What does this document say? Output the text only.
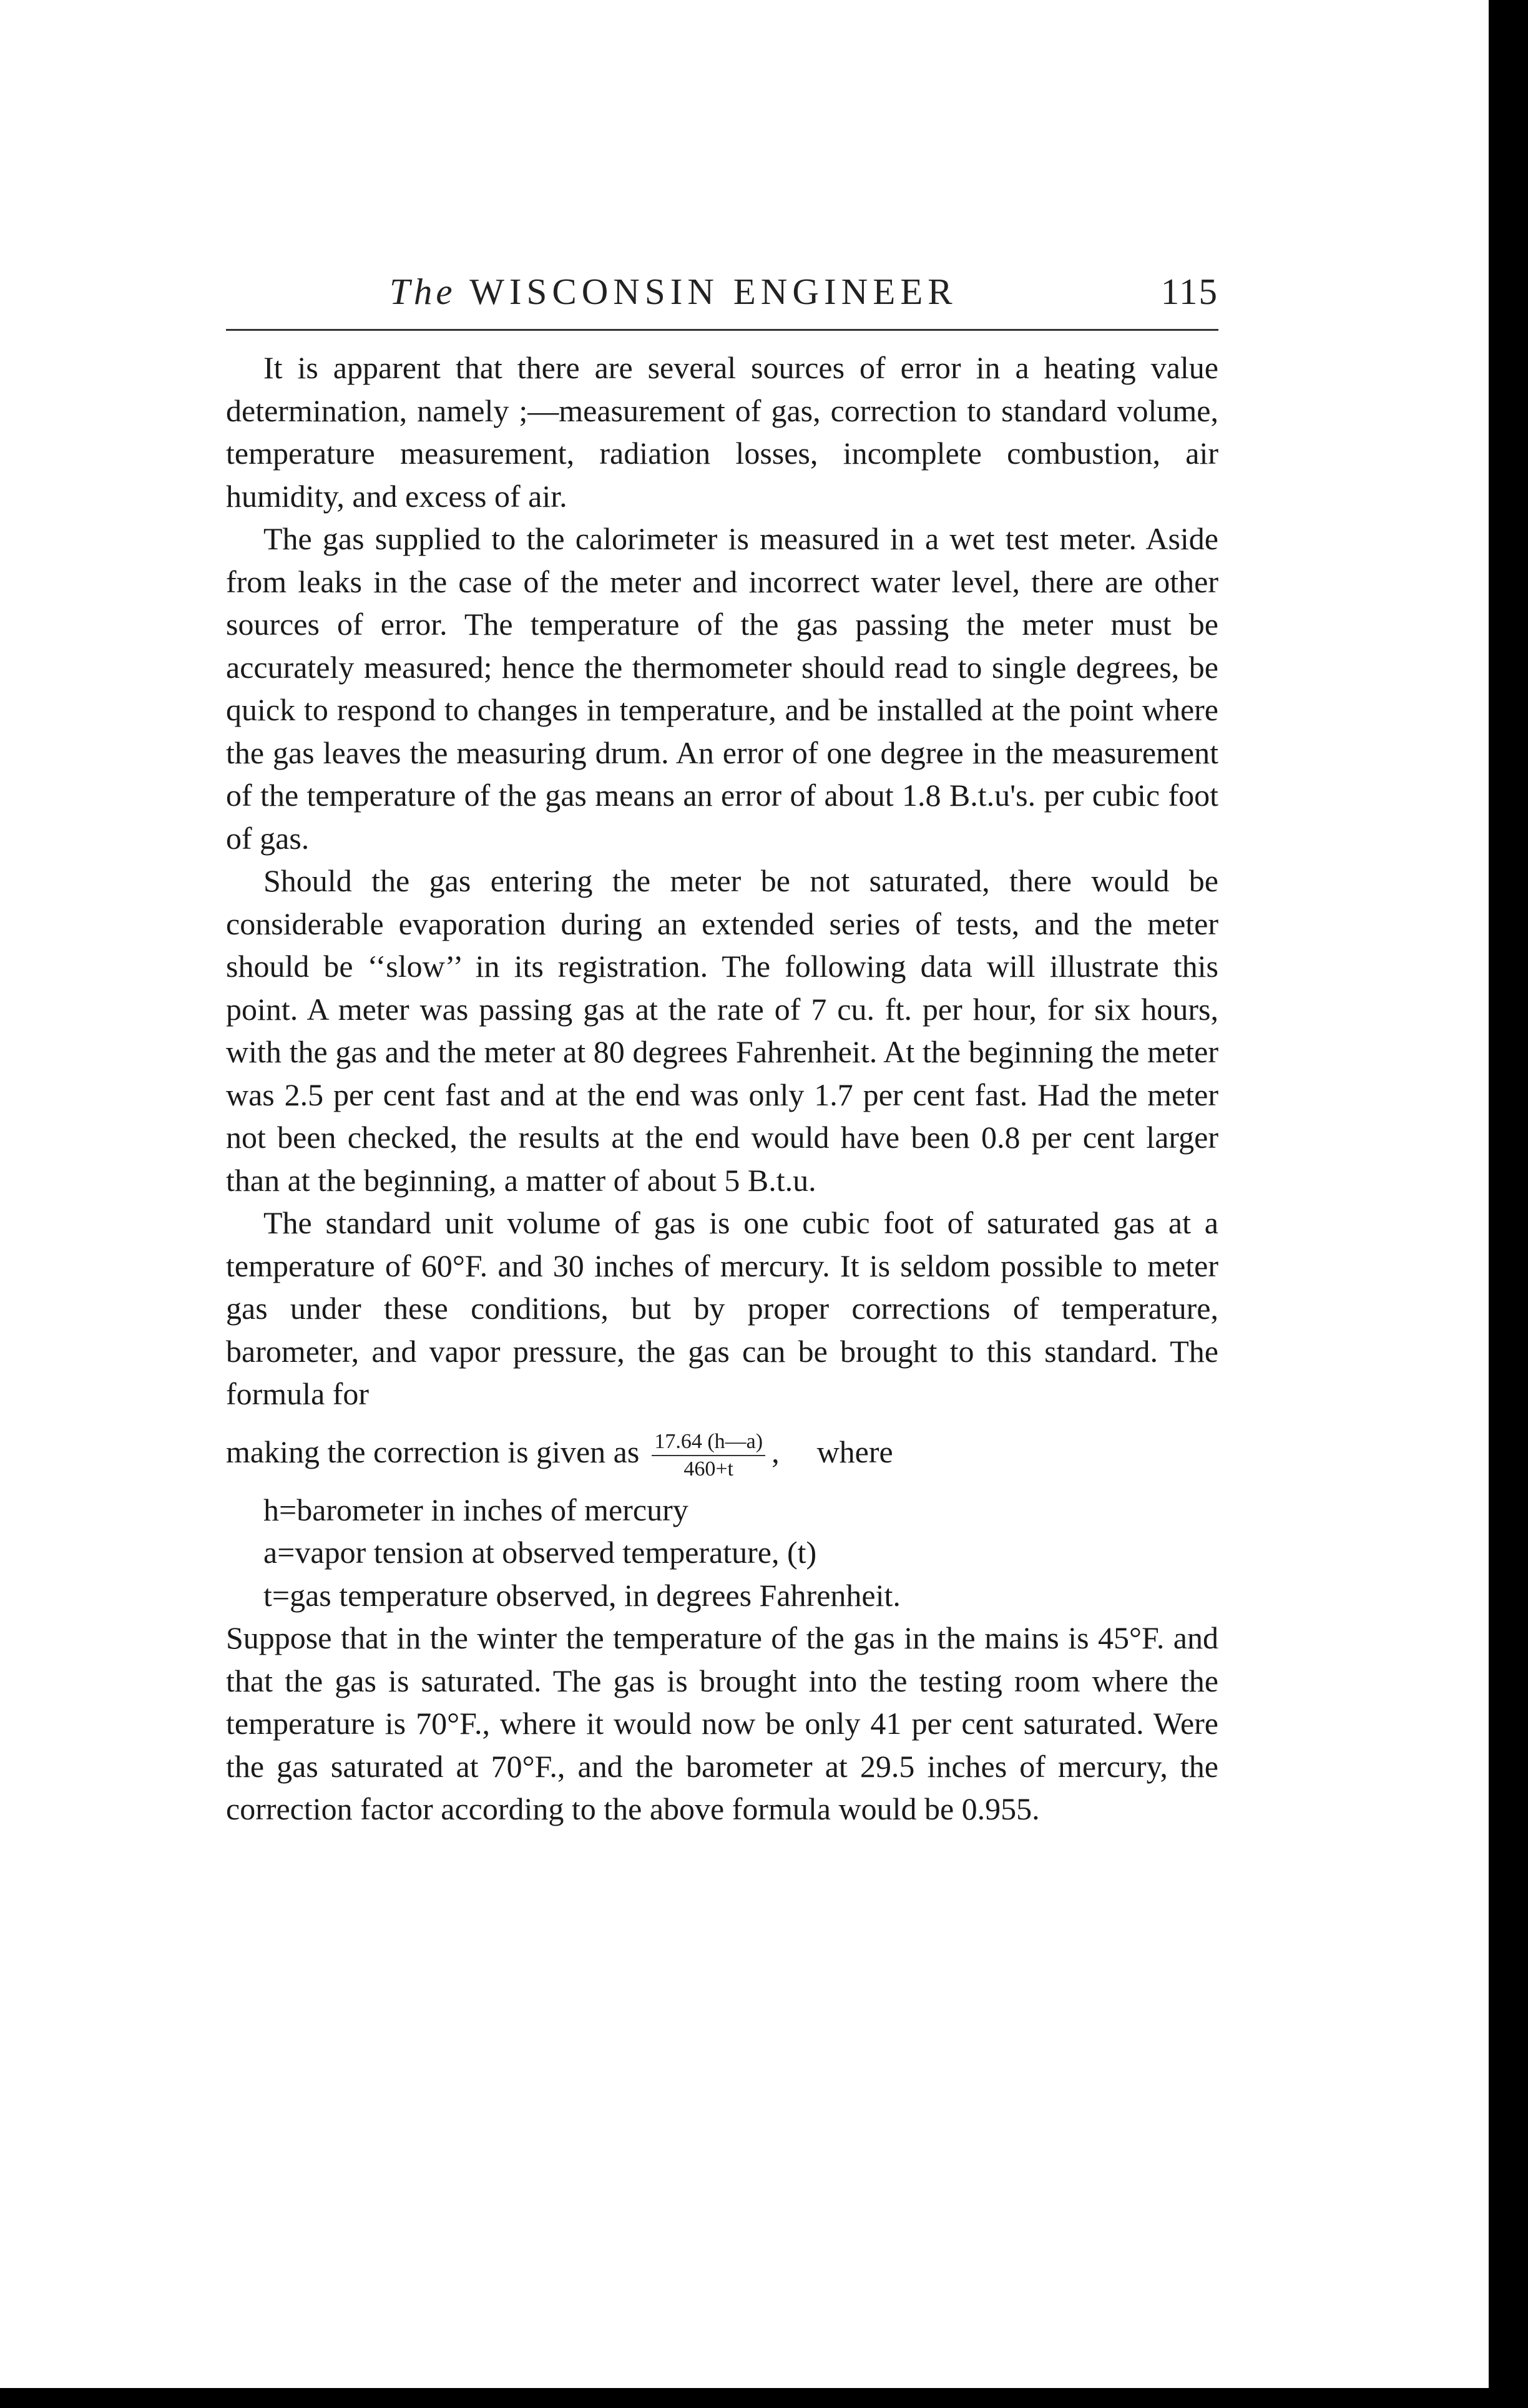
The WISCONSIN ENGINEER	115

It is apparent that there are several sources of error in a heating value determination, namely ;—measurement of gas, correction to standard volume, temperature measurement, radiation losses, incomplete combustion, air humidity, and excess of air.

The gas supplied to the calorimeter is measured in a wet test meter. Aside from leaks in the case of the meter and incorrect water level, there are other sources of error. The temperature of the gas passing the meter must be accurately measured; hence the thermometer should read to single degrees, be quick to respond to changes in temperature, and be installed at the point where the gas leaves the measuring drum. An error of one degree in the measurement of the temperature of the gas means an error of about 1.8 B.t.u's. per cubic foot of gas.

Should the gas entering the meter be not saturated, there would be considerable evaporation during an extended series of tests, and the meter should be ‘‘slow’’ in its registration. The following data will illustrate this point. A meter was passing gas at the rate of 7 cu. ft. per hour, for six hours, with the gas and the meter at 80 degrees Fahrenheit. At the beginning the meter was 2.5 per cent fast and at the end was only 1.7 per cent fast. Had the meter not been checked, the results at the end would have been 0.8 per cent larger than at the beginning, a matter of about 5 B.t.u.

The standard unit volume of gas is one cubic foot of saturated gas at a temperature of 60°F. and 30 inches of mercury. It is seldom possible to meter gas under these conditions, but by proper corrections of temperature, barometer, and vapor pressure, the gas can be brought to this standard. The formula for

making the correction is given as $\frac{17.64 (h—a)}{460+t}$ , where
h=barometer in inches of mercury
a=vapor tension at observed temperature, (t)
t=gas temperature observed, in degrees Fahrenheit.

Suppose that in the winter the temperature of the gas in the mains is 45°F. and that the gas is saturated. The gas is brought into the testing room where the temperature is 70°F., where it would now be only 41 per cent saturated. Were the gas saturated at 70°F., and the barometer at 29.5 inches of mercury, the correction factor according to the above formula would be 0.955.
